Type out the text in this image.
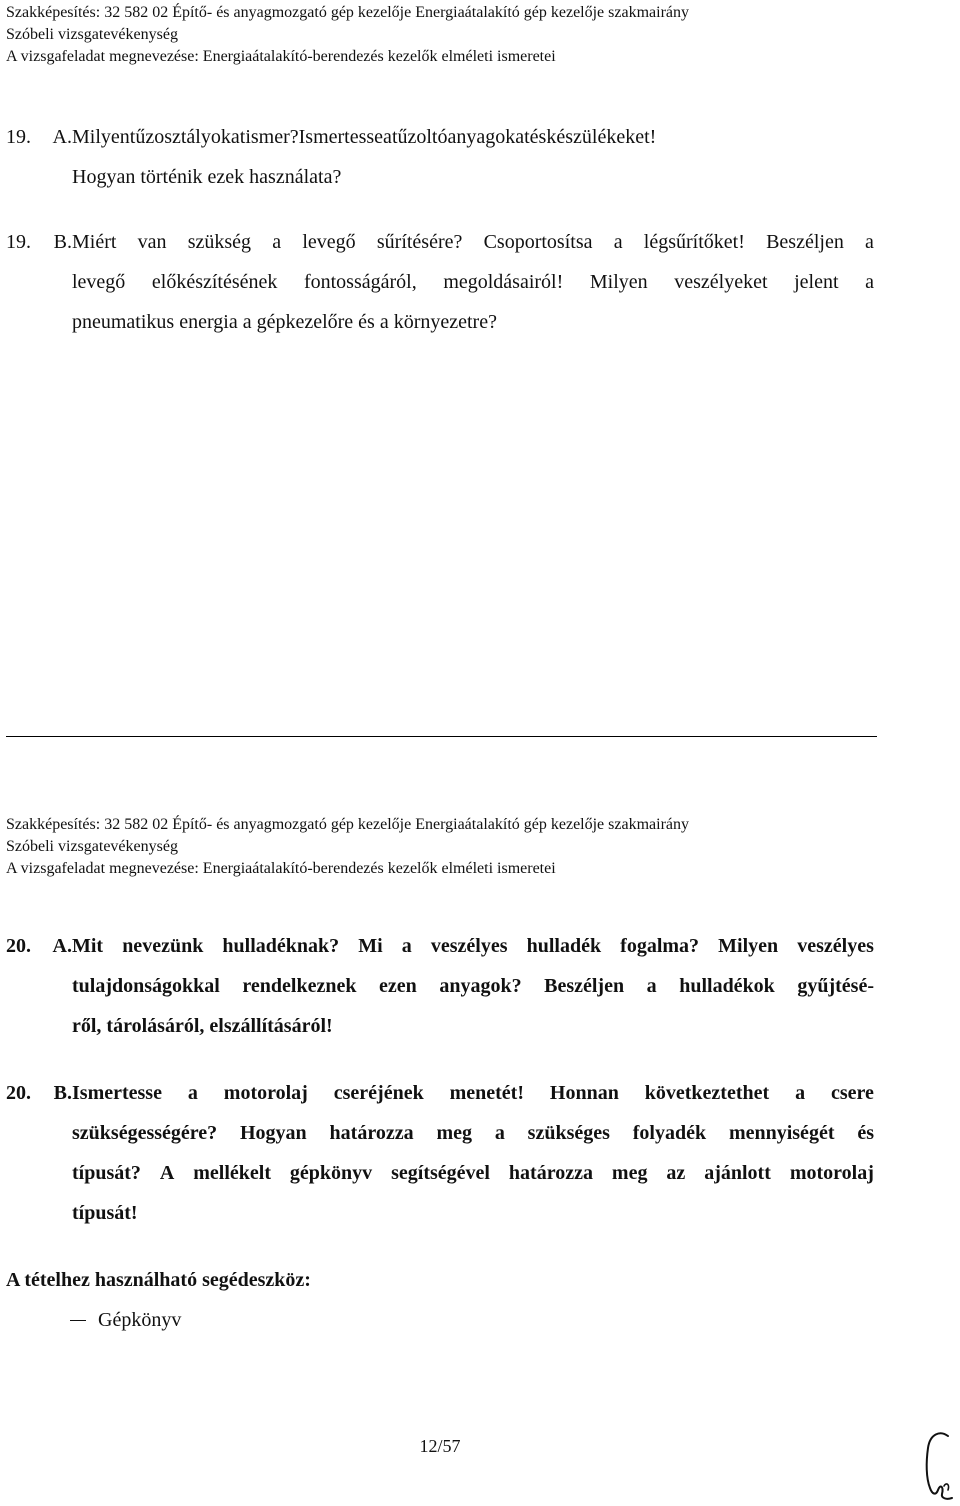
Szakképesítés: 32 582 02 Építő- és anyagmozgató gép kezelője Energiaátalakító gép kezelője szakmairány
Szóbeli vizsgatevékenység
A vizsgafeladat megnevezése: Energiaátalakító-berendezés kezelők elméleti ismeretei
19. A. Milyen tűzosztályokat ismer? Ismertesse a tűzoltó anyagokat és készülékeket!
Hogyan történik ezek használata?
19. B. Miért van szükség a levegő sűrítésére? Csoportosítsa a légsűrítőket! Beszéljen a
levegő előkészítésének fontosságáról, megoldásairól! Milyen veszélyeket jelent a
pneumatikus energia a gépkezelőre és a környezetre?
Szakképesítés: 32 582 02 Építő- és anyagmozgató gép kezelője Energiaátalakító gép kezelője szakmairány
Szóbeli vizsgatevékenység
A vizsgafeladat megnevezése: Energiaátalakító-berendezés kezelők elméleti ismeretei
20. A. Mit nevezünk hulladéknak? Mi a veszélyes hulladék fogalma? Milyen veszélyes
tulajdonságokkal rendelkeznek ezen anyagok? Beszéljen a hulladékok gyűjtésé-
ről, tárolásáról, elszállításáról!
20. B. Ismertesse a motorolaj cseréjének menetét! Honnan következtethet a csere
szükségességére? Hogyan határozza meg a szükséges folyadék mennyiségét és
típusát? A mellékelt gépkönyv segítségével határozza meg az ajánlott motorolaj
típusát!
A tételhez használható segédeszköz:
Gépkönyv
12/57
